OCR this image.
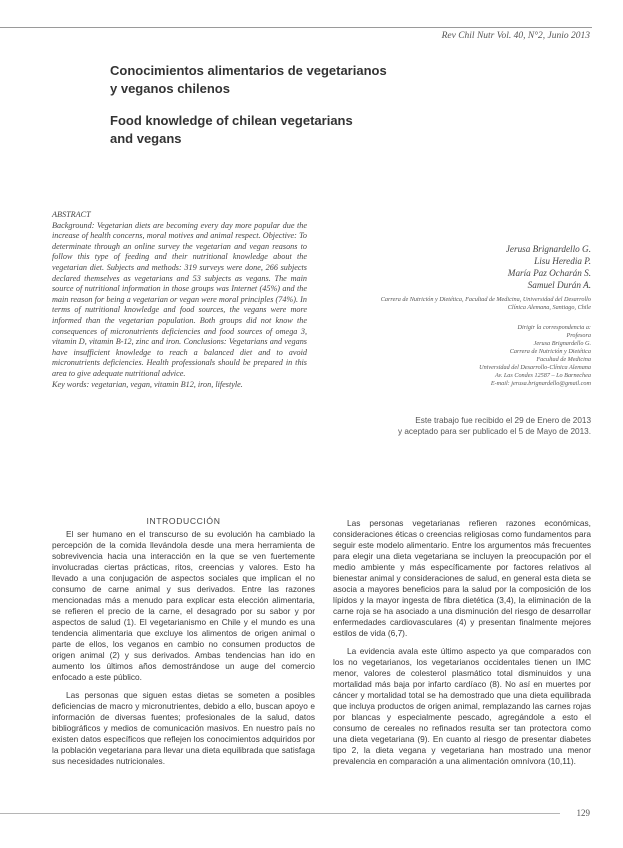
Rev Chil Nutr Vol. 40, N°2, Junio 2013

Conocimientos alimentarios de vegetarianos

y veganos chilenos

Food knowledge of chilean vegetarians

and vegans

ABSTRACT

Background: Vegetarian diets are becoming every day more popular due the increase of health concerns, moral motives and animal respect. Objective: To determinate through an online survey the vegetarian and vegan reasons to follow this type of feeding and their nutritional knowledge about the vegetarian diet. Subjects and methods: 319 surveys were done, 266 subjects declared themselves as vegetarians and 53 subjects as vegans. The main source of nutritional information in those groups was Internet (45%) and the main reason for being a vegetarian or vegan were moral principles (74%). In terms of nutritional knowledge and food sources, the vegans were more informed than the vegetarian population. Both groups did not know the consequences of micronutrients deficiencies and food sources of omega 3, vitamin D, vitamin B-12, zinc and iron. Conclusions: Vegetarians and vegans have insufficient knowledge to reach a balanced diet and to avoid micronutrients deficiencies. Health professionals should be prepared in this area to give adequate nutritional advice.

Key words: vegetarian, vegan, vitamin B12, iron, lifestyle.

Jerusa Brignardello G.
Lisu Heredia P.
María Paz Ocharán S.
Samuel Durán A.
Carrera de Nutrición y Dietética, Facultad de Medicina, Universidad del Desarrollo
Clínica Alemana, Santiago, Chile
Dirigir la correspondencia a:
Profesora
Jerusa Brignardello G.
Carrera de Nutrición y Dietética
Facultad de Medicina
Universidad del Desarrollo-Clínica Alemana
Av. Las Condes 12587 – Lo Barnechea
E-mail: jerusa.brignardello@gmail.com
Este trabajo fue recibido el 29 de Enero de 2013
y aceptado para ser publicado el 5 de Mayo de 2013.
INTRODUCCIÓN

El ser humano en el transcurso de su evolución ha cambiado la percepción de la comida llevándola desde una mera herramienta de sobrevivencia hacia una interacción en la que se ven fuertemente involucradas ciertas prácticas, ritos, creencias y valores. Esto ha llevado a una conjugación de aspectos sociales que implican el no consumo de carne animal y sus derivados. Entre las razones mencionadas más a menudo para explicar esta elección alimentaria, se refieren el precio de la carne, el desagrado por su sabor y por aspectos de salud (1). El vegetarianismo en Chile y el mundo es una tendencia alimentaria que excluye los alimentos de origen animal o parte de ellos, los veganos en cambio no consumen productos de origen animal (2) y sus derivados. Ambas tendencias han ido en aumento los últimos años demostrándose un auge del comercio enfocado a este público.

Las personas que siguen estas dietas se someten a posibles deficiencias de macro y micronutrientes, debido a ello, buscan apoyo e información de diversas fuentes; profesionales de la salud, datos bibliográficos y medios de comunicación masivos. En nuestro país no existen datos específicos que reflejen los conocimientos adquiridos por la población vegetariana para llevar una dieta equilibrada que satisfaga sus necesidades nutricionales.

Las personas vegetarianas refieren razones económicas, consideraciones éticas o creencias religiosas como fundamentos para seguir este modelo alimentario. Entre los argumentos más frecuentes para elegir una dieta vegetariana se incluyen la preocupación por el medio ambiente y más específicamente por factores relativos al bienestar animal y consideraciones de salud, en general esta dieta se asocia a mayores beneficios para la salud por la composición de los lípidos y la mayor ingesta de fibra dietética (3,4), la eliminación de la carne roja se ha asociado a una disminución del riesgo de desarrollar enfermedades cardiovasculares (4) y presentan finalmente mejores estilos de vida (6,7).

La evidencia avala este último aspecto ya que comparados con los no vegetarianos, los vegetarianos occidentales tienen un IMC menor, valores de colesterol plasmático total disminuidos y una mortalidad más baja por infarto cardíaco (8). No así en muertes por cáncer y mortalidad total se ha demostrado que una dieta equilibrada que incluya productos de origen animal, remplazando las carnes rojas por blancas y especialmente pescado, agregándole a esto el consumo de cereales no refinados resulta ser tan protectora como una dieta vegetariana (9). En cuanto al riesgo de presentar diabetes tipo 2, la dieta vegana y vegetariana han mostrado una menor prevalencia en comparación a una alimentación omnívora (10,11).

129
